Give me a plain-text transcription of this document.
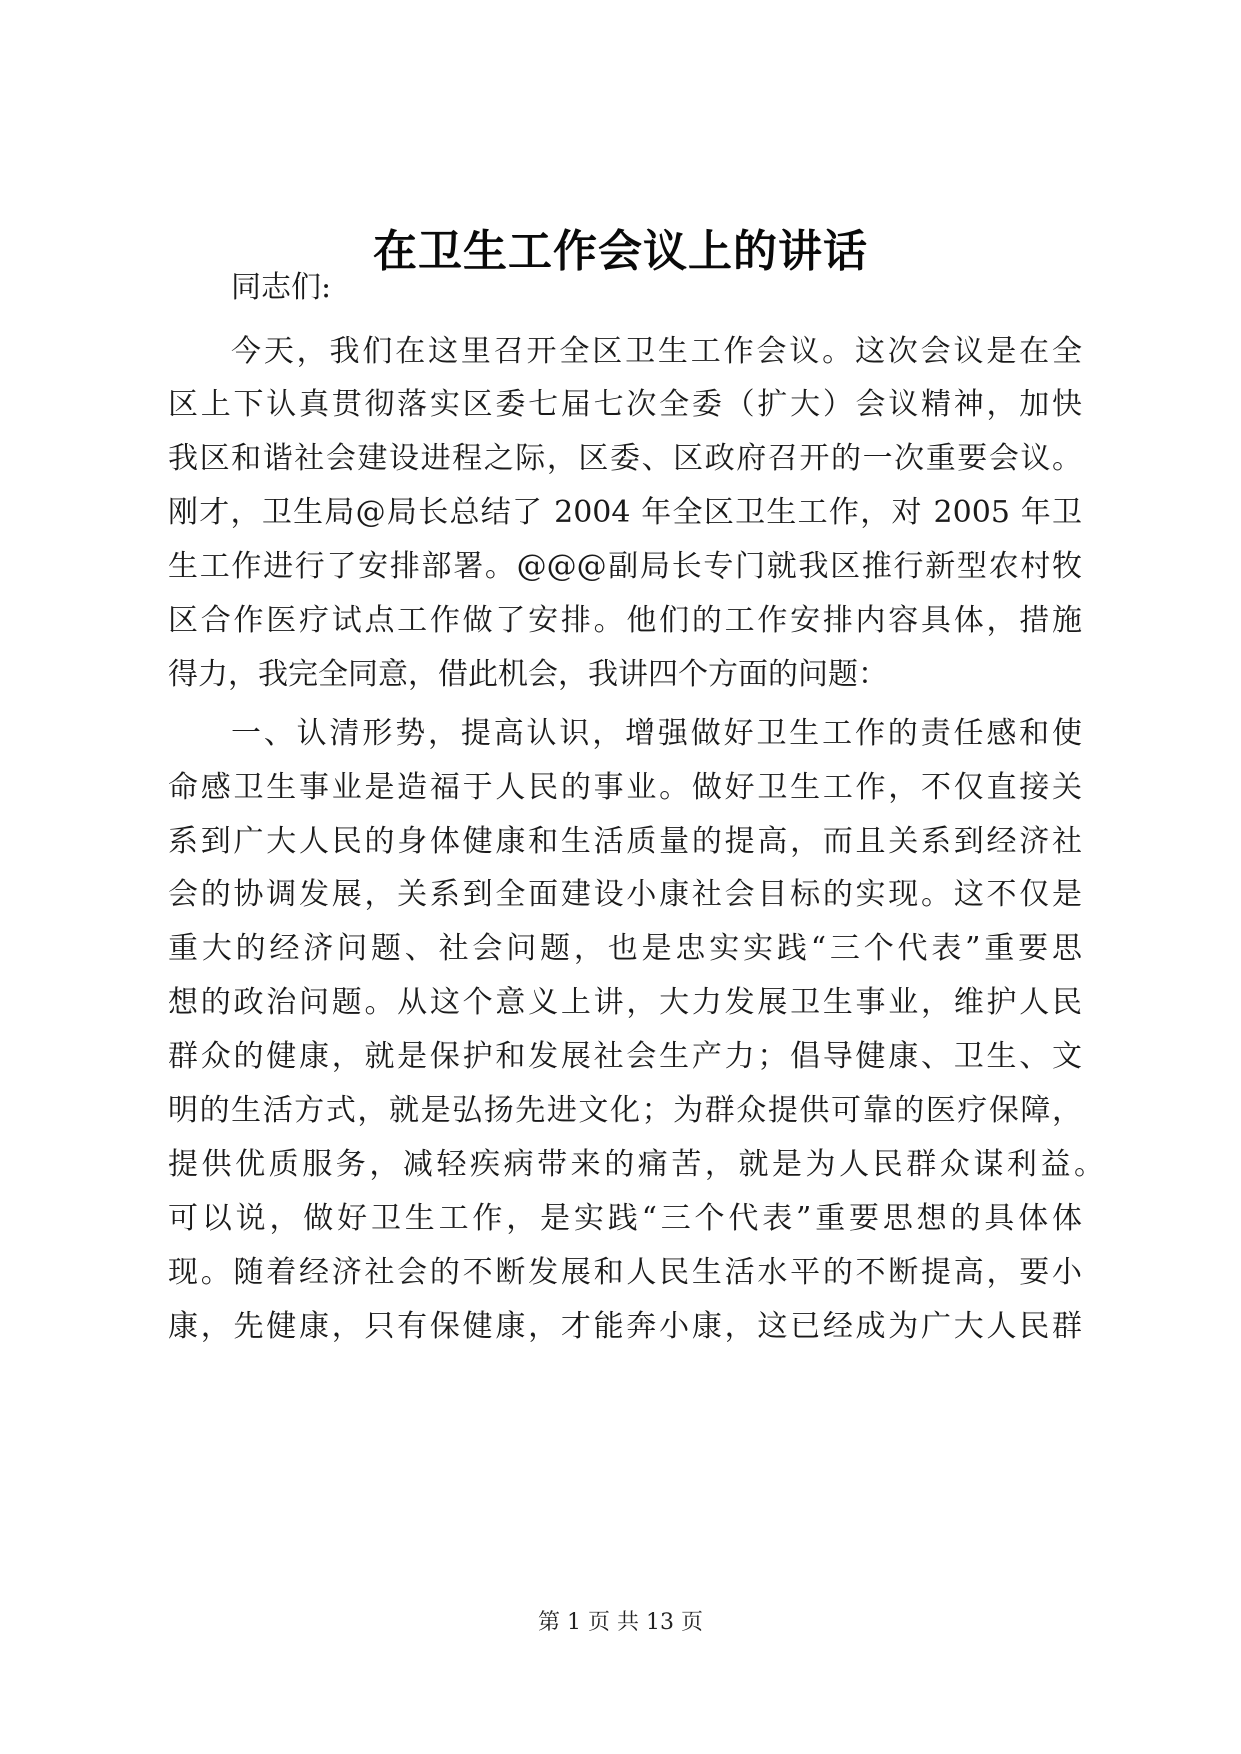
在卫生工作会议上的讲话
同志们:
今天，我们在这里召开全区卫生工作会议。这次会议是在全
区上下认真贯彻落实区委七届七次全委（扩大）会议精神，加快
我区和谐社会建设进程之际，区委、区政府召开的一次重要会议。
刚才，卫生局@局长总结了 2004 年全区卫生工作，对 2005 年卫
生工作进行了安排部署。@@@副局长专门就我区推行新型农村牧
区合作医疗试点工作做了安排。他们的工作安排内容具体，措施
得力，我完全同意，借此机会，我讲四个方面的问题：
一、认清形势，提高认识，增强做好卫生工作的责任感和使
命感卫生事业是造福于人民的事业。做好卫生工作，不仅直接关
系到广大人民的身体健康和生活质量的提高，而且关系到经济社
会的协调发展，关系到全面建设小康社会目标的实现。这不仅是
重大的经济问题、社会问题，也是忠实实践“三个代表”重要思
想的政治问题。从这个意义上讲，大力发展卫生事业，维护人民
群众的健康，就是保护和发展社会生产力；倡导健康、卫生、文
明的生活方式，就是弘扬先进文化；为群众提供可靠的医疗保障，
提供优质服务，减轻疾病带来的痛苦，就是为人民群众谋利益。
可以说，做好卫生工作，是实践“三个代表”重要思想的具体体
现。随着经济社会的不断发展和人民生活水平的不断提高，要小
康，先健康，只有保健康，才能奔小康，这已经成为广大人民群
第 1 页 共 13 页
